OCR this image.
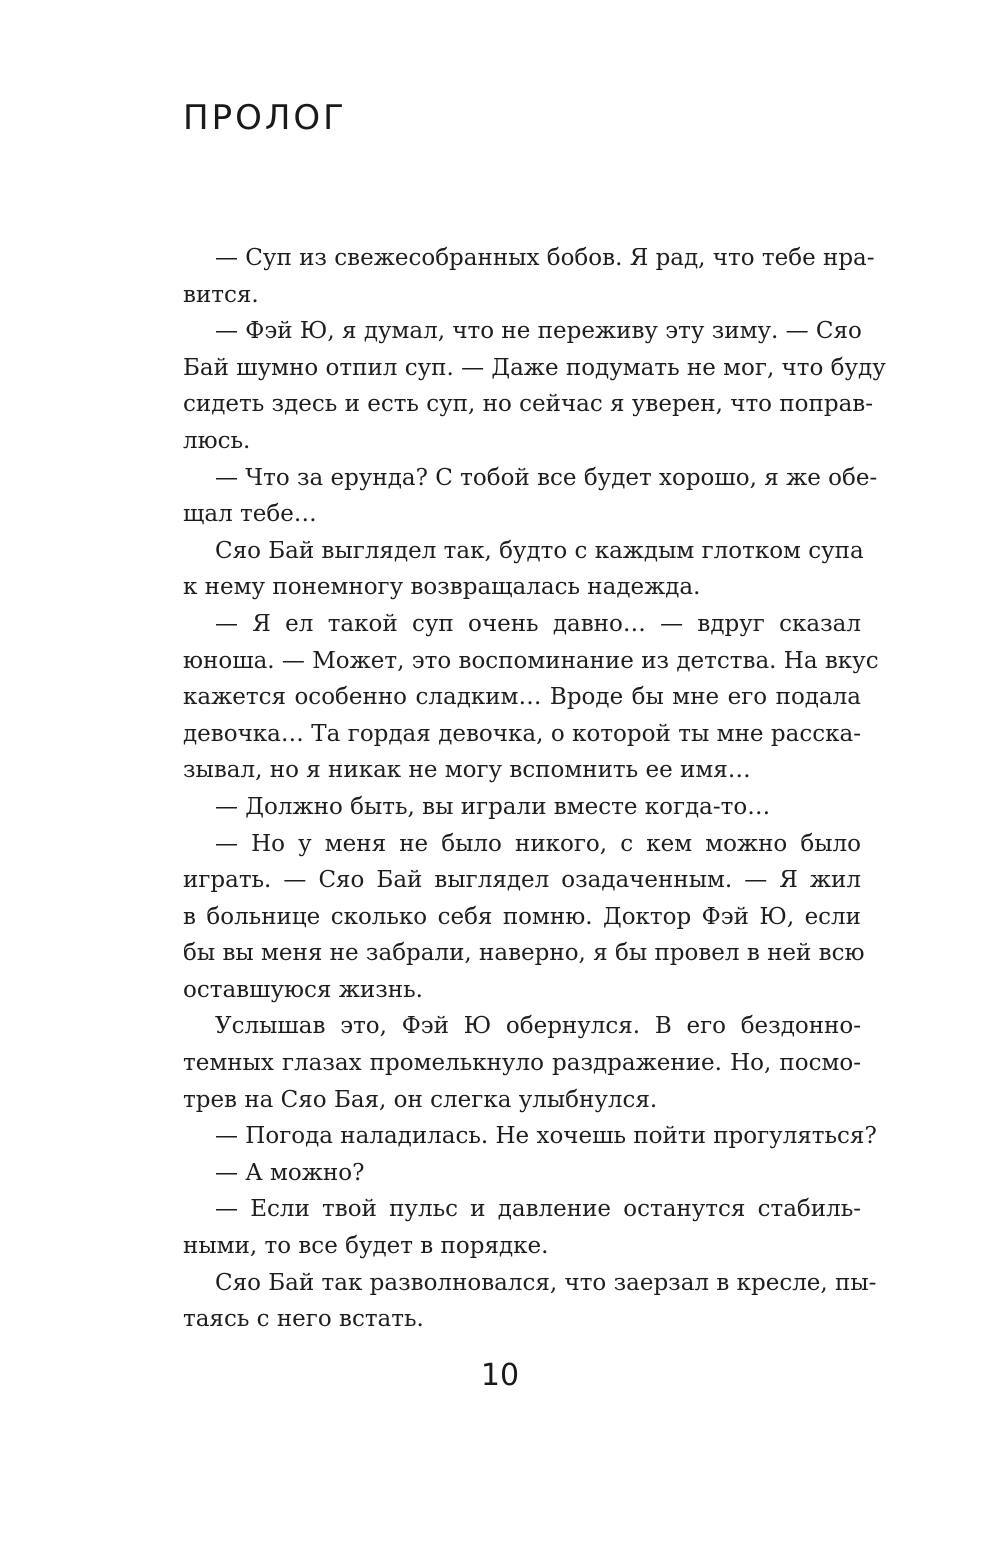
ПРОЛОГ
— Суп из свежесобранных бобов. Я рад, что тебе нра-
вится.
— Фэй Ю, я думал, что не переживу эту зиму. — Сяо
Бай шумно отпил суп. — Даже подумать не мог, что буду
сидеть здесь и есть суп, но сейчас я уверен, что поправ-
люсь.
— Что за ерунда? С тобой все будет хорошо, я же обе-
щал тебе…
Сяо Бай выглядел так, будто с каждым глотком супа
к нему понемногу возвращалась надежда.
— Я ел такой суп очень давно… — вдруг сказал
юноша. — Может, это воспоминание из детства. На вкус
кажется особенно сладким… Вроде бы мне его подала
девочка… Та гордая девочка, о которой ты мне расска-
зывал, но я никак не могу вспомнить ее имя…
— Должно быть, вы играли вместе когда-то…
— Но у меня не было никого, с кем можно было
играть. — Сяо Бай выглядел озадаченным. — Я жил
в больнице сколько себя помню. Доктор Фэй Ю, если
бы вы меня не забрали, наверно, я бы провел в ней всю
оставшуюся жизнь.
Услышав это, Фэй Ю обернулся. В его бездонно-
темных глазах промелькнуло раздражение. Но, посмо-
трев на Сяо Бая, он слегка улыбнулся.
— Погода наладилась. Не хочешь пойти прогуляться?
— А можно?
— Если твой пульс и давление останутся стабиль-
ными, то все будет в порядке.
Сяо Бай так разволновался, что заерзал в кресле, пы-
таясь с него встать.
10
